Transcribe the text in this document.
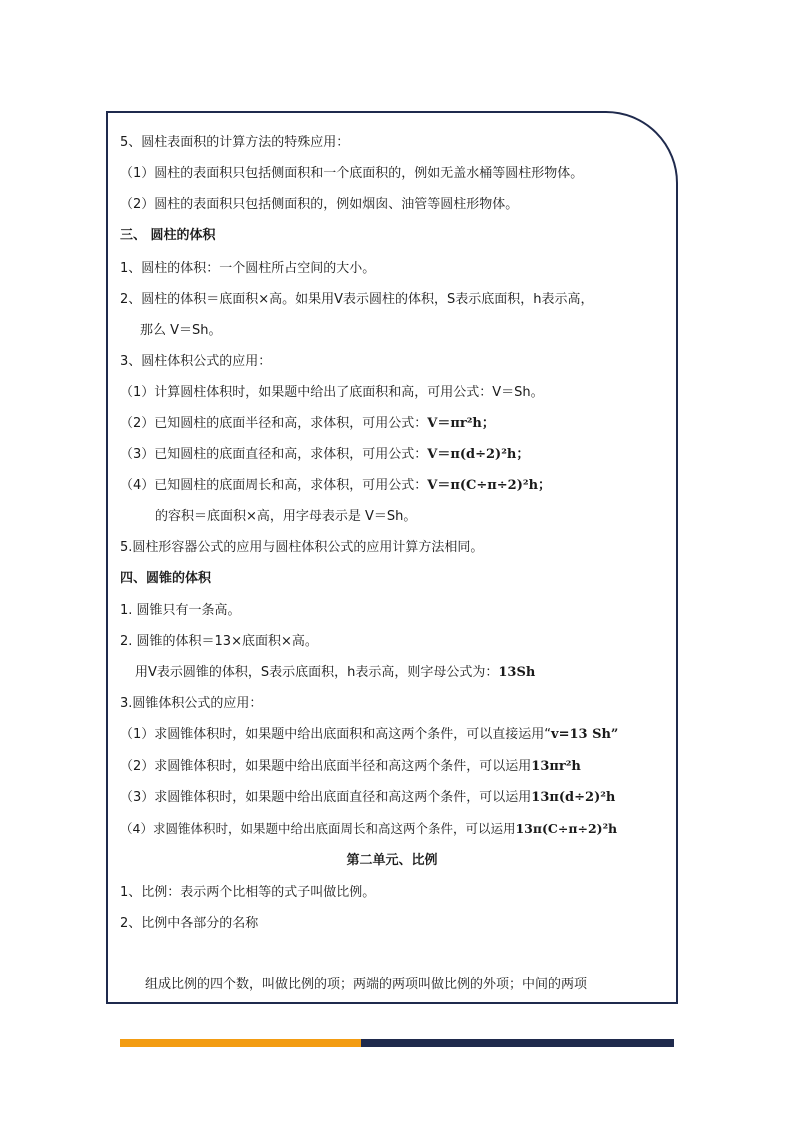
5、圆柱表面积的计算方法的特殊应用：
（1）圆柱的表面积只包括侧面积和一个底面积的，例如无盖水桶等圆柱形物体。
（2）圆柱的表面积只包括侧面积的，例如烟囱、油管等圆柱形物体。
三、 圆柱的体积
1、圆柱的体积：一个圆柱所占空间的大小。
2、圆柱的体积＝底面积×高。如果用V表示圆柱的体积，S表示底面积，h表示高，
那么 V＝Sh。
3、圆柱体积公式的应用：
（1）计算圆柱体积时，如果题中给出了底面积和高，可用公式：V＝Sh。
（2）已知圆柱的底面半径和高，求体积，可用公式：V＝πr²h；
（3）已知圆柱的底面直径和高，求体积，可用公式：V＝π(d÷2)²h；
（4）已知圆柱的底面周长和高，求体积，可用公式：V＝π(C÷π÷2)²h；
的容积＝底面积×高，用字母表示是 V＝Sh。
5.圆柱形容器公式的应用与圆柱体积公式的应用计算方法相同。
四、圆锥的体积
1. 圆锥只有一条高。
2. 圆锥的体积＝13×底面积×高。
用V表示圆锥的体积，S表示底面积，h表示高，则字母公式为：13Sh
3.圆锥体积公式的应用：
（1）求圆锥体积时，如果题中给出底面积和高这两个条件，可以直接运用“v=13 Sh”
（2）求圆锥体积时，如果题中给出底面半径和高这两个条件，可以运用13πr²h
（3）求圆锥体积时，如果题中给出底面直径和高这两个条件，可以运用13π(d÷2)²h
（4）求圆锥体积时，如果题中给出底面周长和高这两个条件，可以运用13π(C÷π÷2)²h
第二单元、比例
1、比例：表示两个比相等的式子叫做比例。
2、比例中各部分的名称
组成比例的四个数，叫做比例的项；两端的两项叫做比例的外项；中间的两项
